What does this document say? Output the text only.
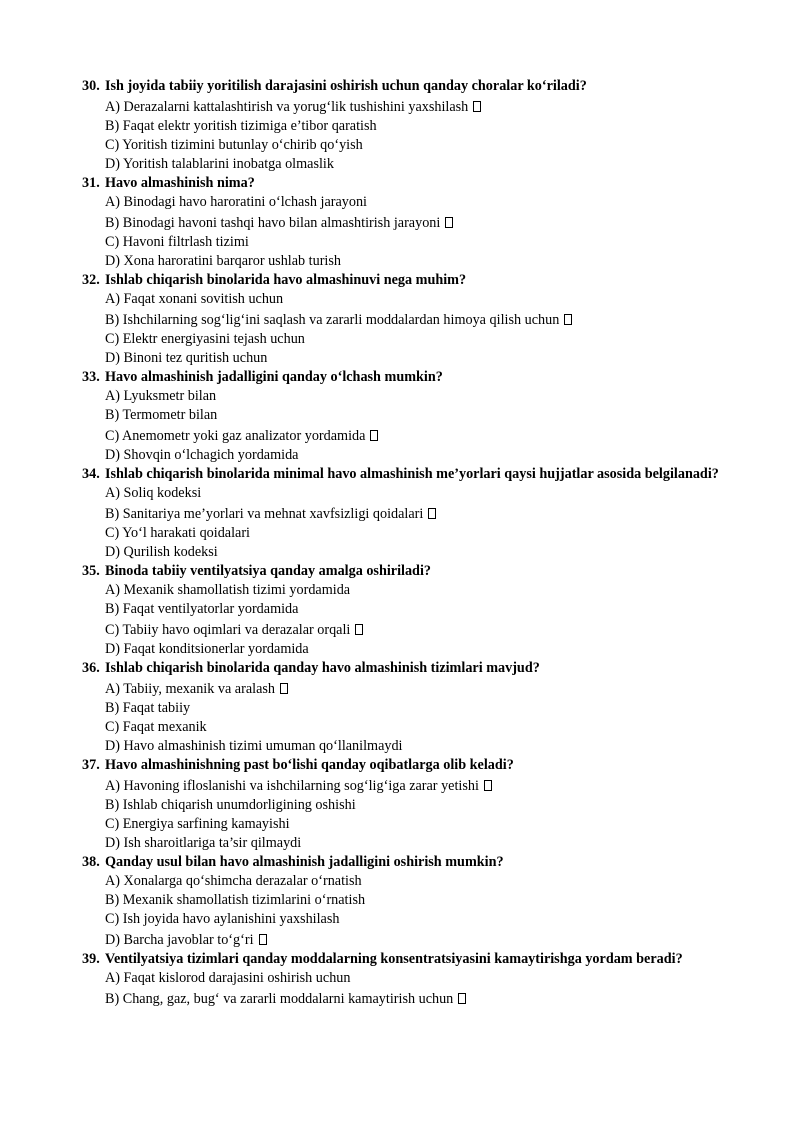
30. Ish joyida tabiiy yoritilish darajasini oshirish uchun qanday choralar ko‘riladi?
A) Derazalarni kattalashtirish va yorug‘lik tushishini yaxshilash
B) Faqat elektr yoritish tizimiga e’tibor qaratish
C) Yoritish tizimini butunlay o‘chirib qo‘yish
D) Yoritish talablarini inobatga olmaslik
31. Havo almashinish nima?
A) Binodagi havo haroratini o‘lchash jarayoni
B) Binodagi havoni tashqi havo bilan almashtirish jarayoni
C) Havoni filtrlash tizimi
D) Xona haroratini barqaror ushlab turish
32. Ishlab chiqarish binolarida havo almashinuvi nega muhim?
A) Faqat xonani sovitish uchun
B) Ishchilarning sog‘lig‘ini saqlash va zararli moddalardan himoya qilish uchun
C) Elektr energiyasini tejash uchun
D) Binoni tez quritish uchun
33. Havo almashinish jadalligini qanday o‘lchash mumkin?
A) Lyuksmetr bilan
B) Termometr bilan
C) Anemometr yoki gaz analizator yordamida
D) Shovqin o‘lchagich yordamida
34. Ishlab chiqarish binolarida minimal havo almashinish me’yorlari qaysi hujjatlar asosida belgilanadi?
A) Soliq kodeksi
B) Sanitariya me’yorlari va mehnat xavfsizligi qoidalari
C) Yo‘l harakati qoidalari
D) Qurilish kodeksi
35. Binoda tabiiy ventilyatsiya qanday amalga oshiriladi?
A) Mexanik shamollatish tizimi yordamida
B) Faqat ventilyatorlar yordamida
C) Tabiiy havo oqimlari va derazalar orqali
D) Faqat konditsionerlar yordamida
36. Ishlab chiqarish binolarida qanday havo almashinish tizimlari mavjud?
A) Tabiiy, mexanik va aralash
B) Faqat tabiiy
C) Faqat mexanik
D) Havo almashinish tizimi umuman qo‘llanilmaydi
37. Havo almashinishning past bo‘lishi qanday oqibatlarga olib keladi?
A) Havoning ifloslanishi va ishchilarning sog‘lig‘iga zarar yetishi
B) Ishlab chiqarish unumdorligining oshishi
C) Energiya sarfining kamayishi
D) Ish sharoitlariga ta’sir qilmaydi
38. Qanday usul bilan havo almashinish jadalligini oshirish mumkin?
A) Xonalarga qo‘shimcha derazalar o‘rnatish
B) Mexanik shamollatish tizimlarini o‘rnatish
C) Ish joyida havo aylanishini yaxshilash
D) Barcha javoblar to‘g‘ri
39. Ventilyatsiya tizimlari qanday moddalarning konsentratsiyasini kamaytirishga yordam beradi?
A) Faqat kislorod darajasini oshirish uchun
B) Chang, gaz, bug‘ va zararli moddalarni kamaytirish uchun
